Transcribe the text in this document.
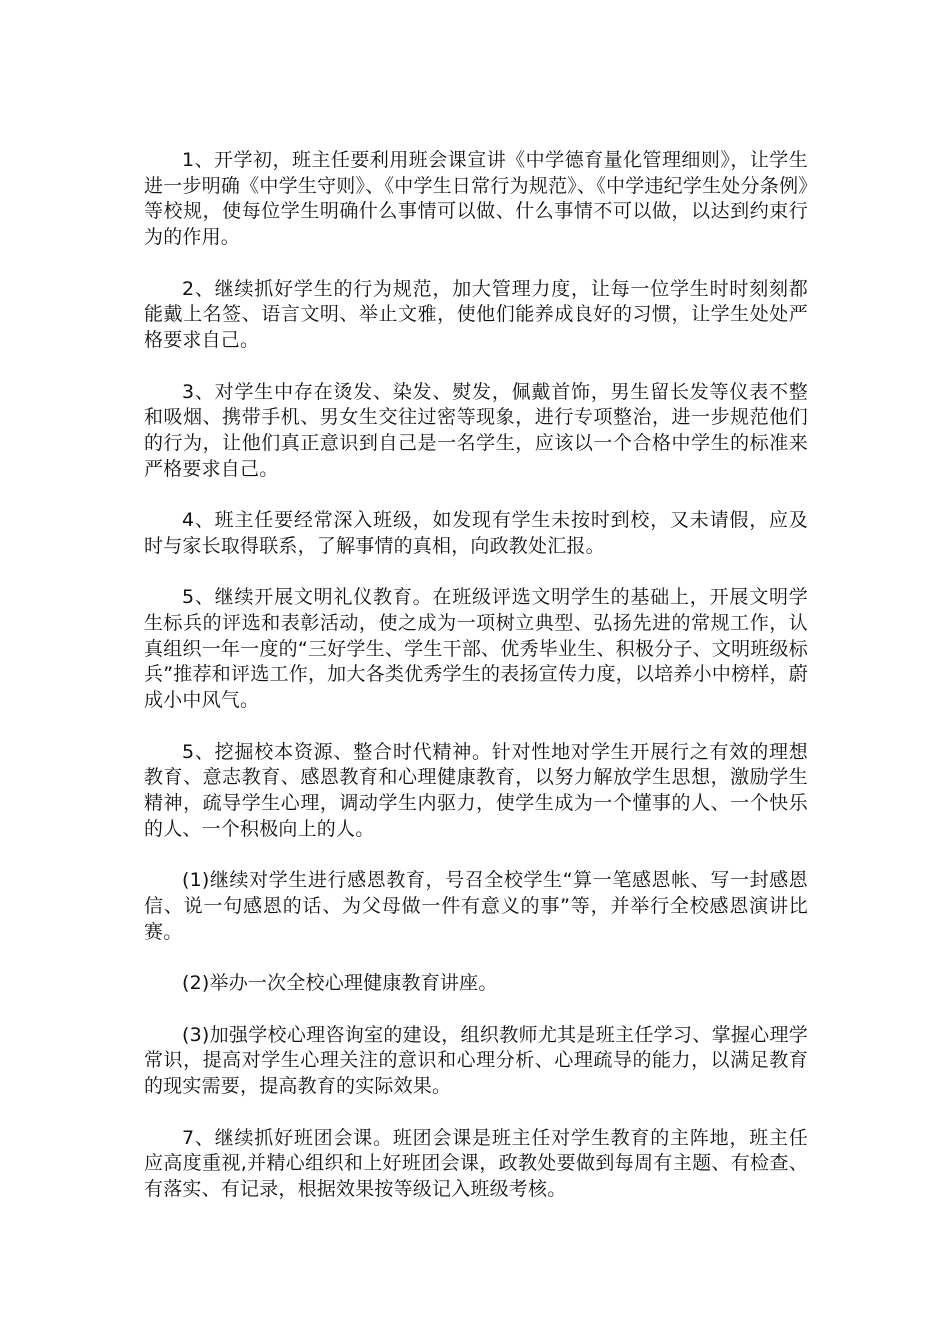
1、开学初，班主任要利用班会课宣讲《中学德育量化管理细则》，让学生进一步明确《中学生守则》、《中学生日常行为规范》、《中学违纪学生处分条例》等校规，使每位学生明确什么事情可以做、什么事情不可以做，以达到约束行为的作用。

2、继续抓好学生的行为规范，加大管理力度，让每一位学生时时刻刻都能戴上名签、语言文明、举止文雅，使他们能养成良好的习惯，让学生处处严格要求自己。

3、对学生中存在烫发、染发、熨发，佩戴首饰，男生留长发等仪表不整和吸烟、携带手机、男女生交往过密等现象，进行专项整治，进一步规范他们的行为，让他们真正意识到自己是一名学生，应该以一个合格中学生的标准来严格要求自己。

4、班主任要经常深入班级，如发现有学生未按时到校，又未请假，应及时与家长取得联系，了解事情的真相，向政教处汇报。

5、继续开展文明礼仪教育。在班级评选文明学生的基础上，开展文明学生标兵的评选和表彰活动，使之成为一项树立典型、弘扬先进的常规工作，认真组织一年一度的“三好学生、学生干部、优秀毕业生、积极分子、文明班级标兵”推荐和评选工作，加大各类优秀学生的表扬宣传力度，以培养小中榜样，蔚成小中风气。

5、挖掘校本资源、整合时代精神。针对性地对学生开展行之有效的理想教育、意志教育、感恩教育和心理健康教育，以努力解放学生思想，激励学生精神，疏导学生心理，调动学生内驱力，使学生成为一个懂事的人、一个快乐的人、一个积极向上的人。

(1)继续对学生进行感恩教育，号召全校学生“算一笔感恩帐、写一封感恩信、说一句感恩的话、为父母做一件有意义的事”等，并举行全校感恩演讲比赛。

(2)举办一次全校心理健康教育讲座。

(3)加强学校心理咨询室的建设，组织教师尤其是班主任学习、掌握心理学常识，提高对学生心理关注的意识和心理分析、心理疏导的能力，以满足教育的现实需要，提高教育的实际效果。

7、继续抓好班团会课。班团会课是班主任对学生教育的主阵地，班主任应高度重视,并精心组织和上好班团会课，政教处要做到每周有主题、有检查、有落实、有记录，根据效果按等级记入班级考核。
